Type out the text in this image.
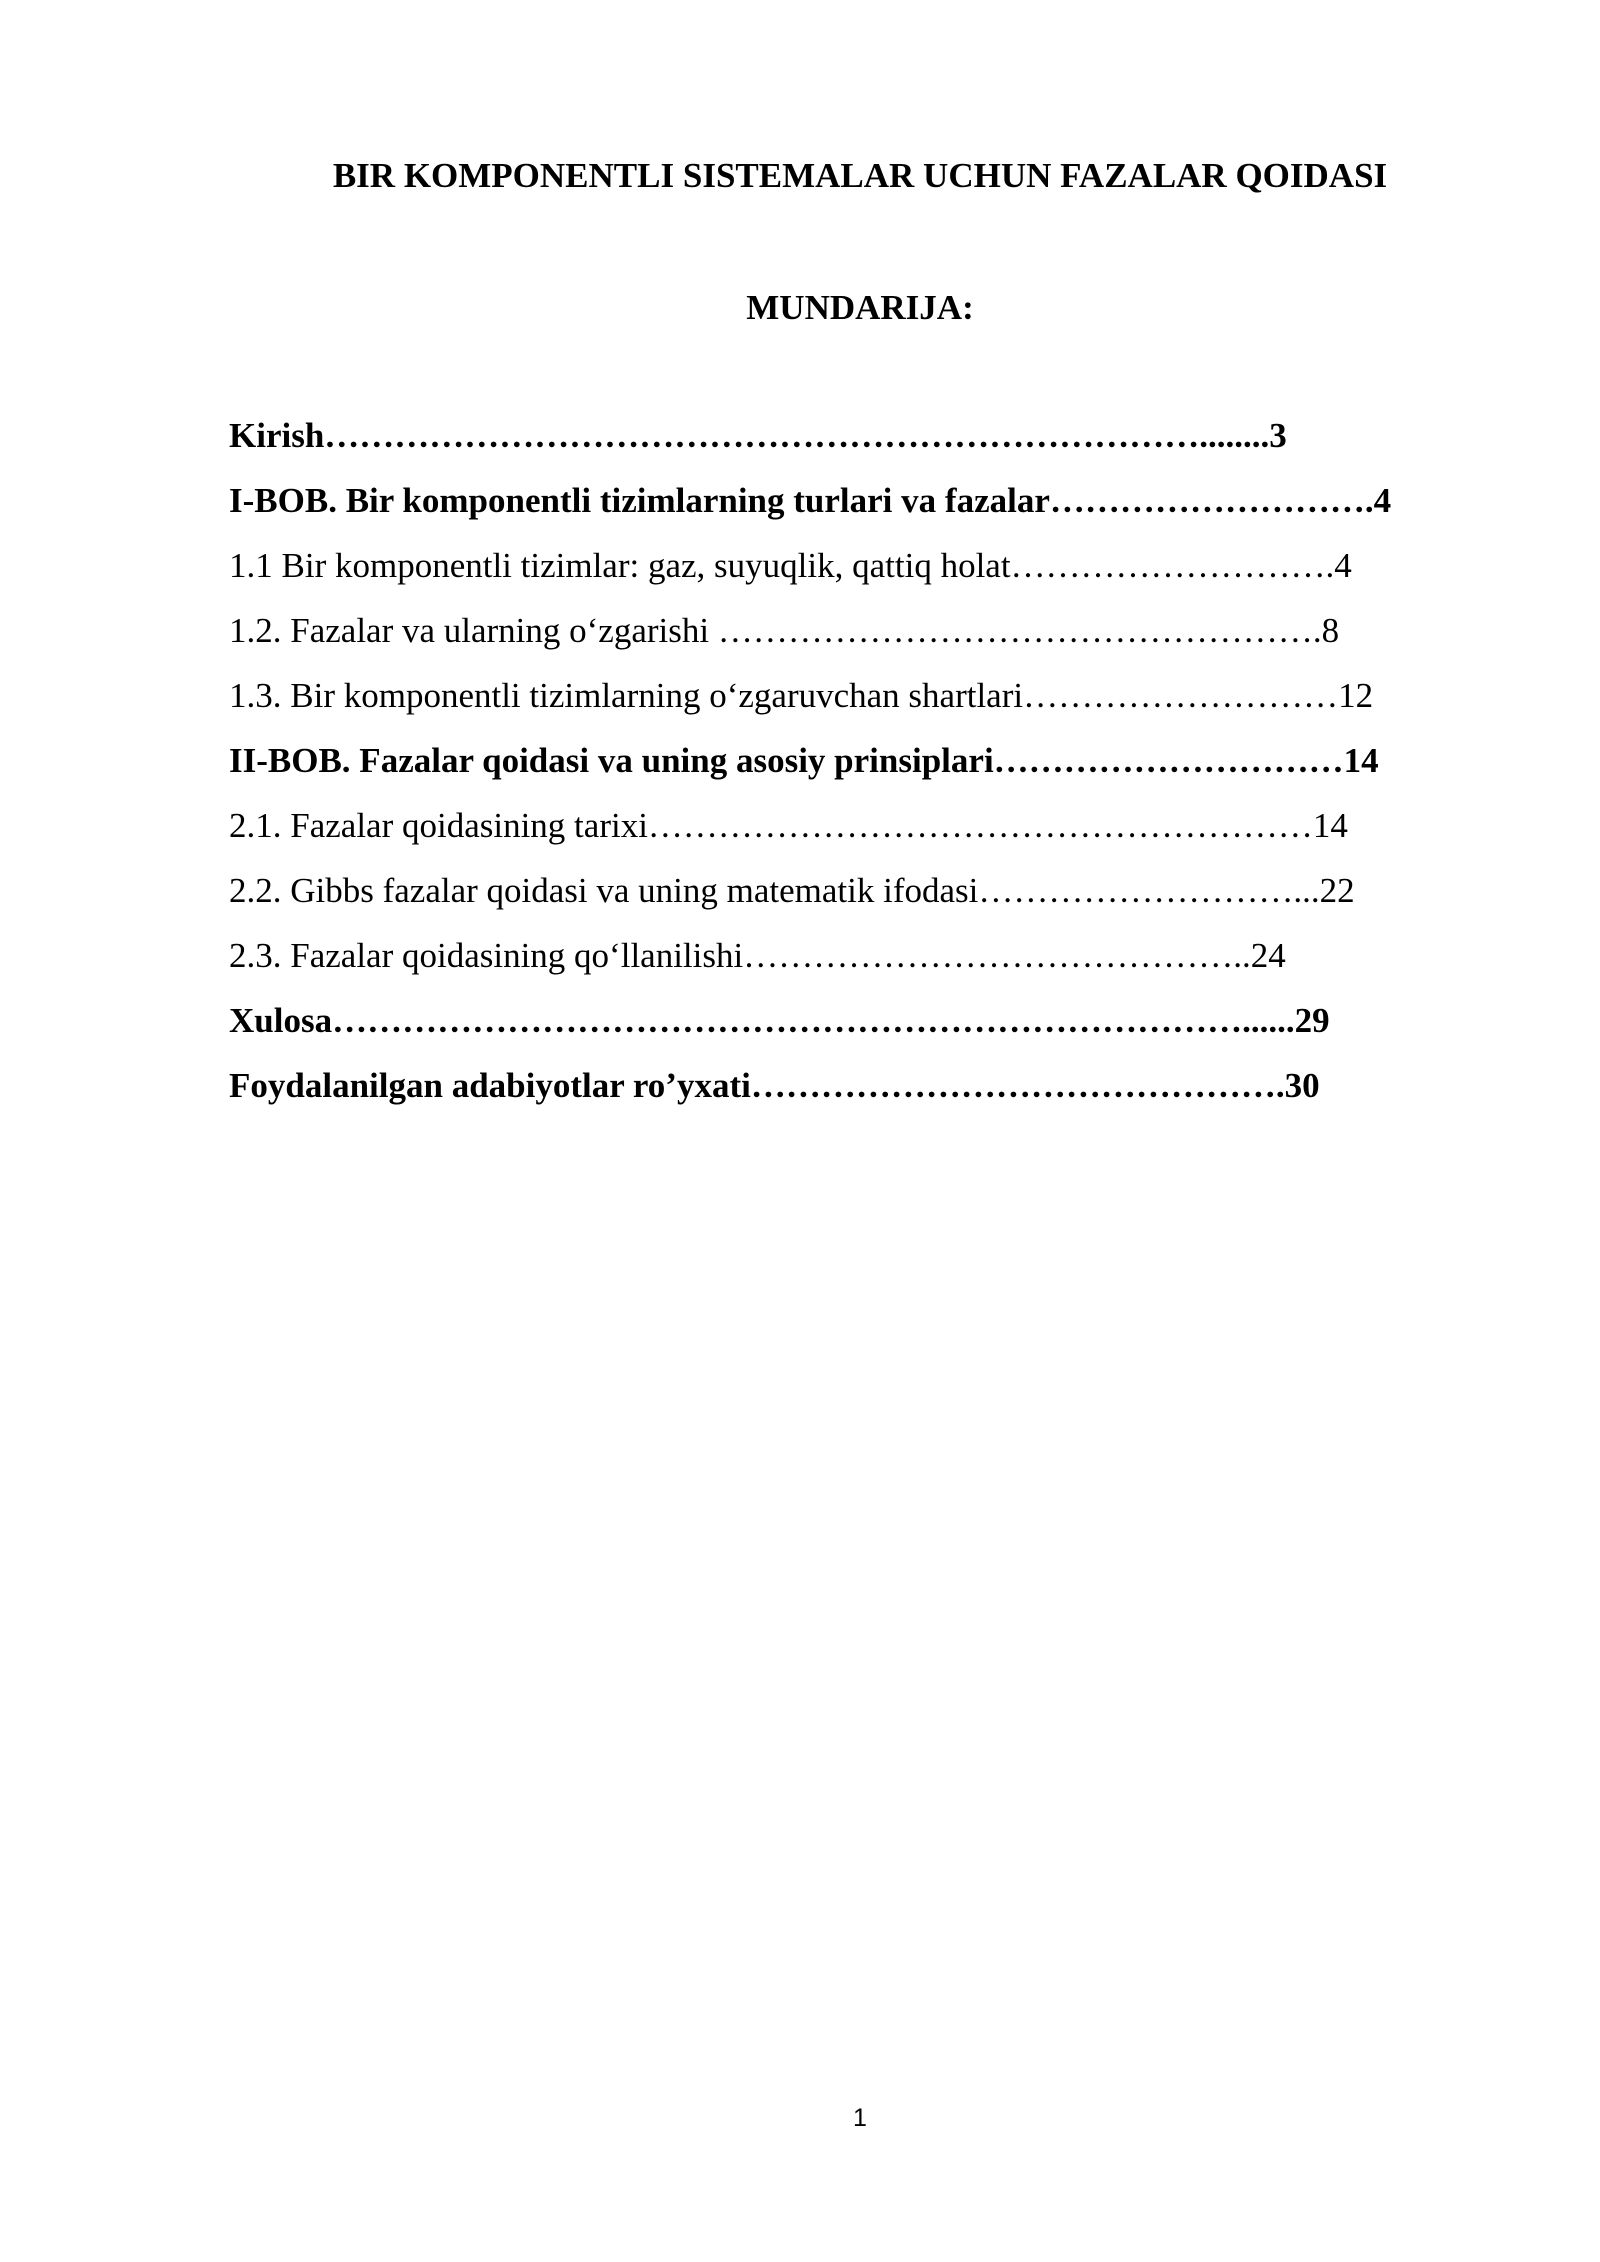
BIR KOMPONENTLI SISTEMALAR UCHUN FAZALAR QOIDASI
MUNDARIJA:
Kirish…………………………………………………………………........3
I-BOB. Bir komponentli tizimlarning turlari va fazalar……………………….4
1.1 Bir komponentli tizimlar: gaz, suyuqlik, qattiq holat……………………….4
1.2. Fazalar va ularning oʻzgarishi …………………………………………….8
1.3. Bir komponentli tizimlarning oʻzgaruvchan shartlari………………………12
II-BOB. Fazalar qoidasi va uning asosiy prinsiplari…………………………14
2.1. Fazalar qoidasining tarixi…………………………………………………14
2.2. Gibbs fazalar qoidasi va uning matematik ifodasi………………………...22
2.3. Fazalar qoidasining qoʻllanilishi……………………………………..24
Xulosa……………………………………………………………………......29
Foydalanilgan adabiyotlar roʼyxati……………………………………….30
1
